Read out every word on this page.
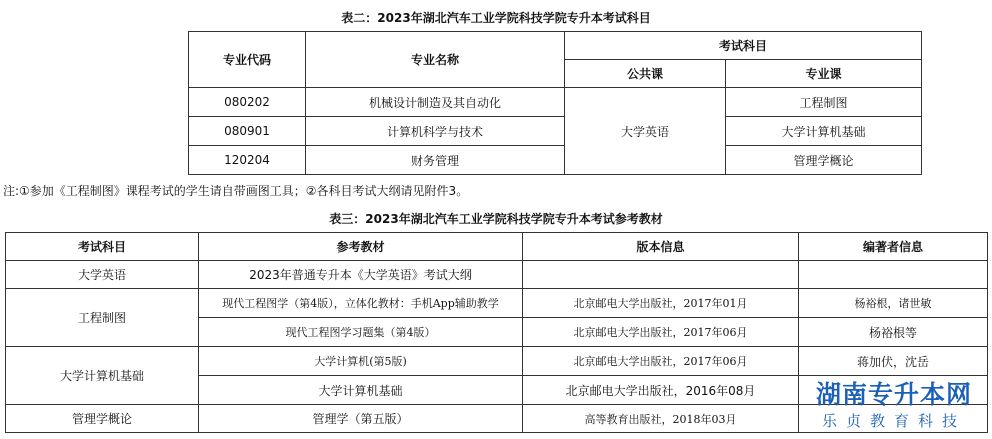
表二：2023年湖北汽车工业学院科技学院专升本考试科目
专业代码	专业名称	考试科目	
		公共课	专业课
080202	机械设计制造及其自动化	大学英语	工程制图
080901	计算机科学与技术		大学计算机基础
120204	财务管理		管理学概论
注:①参加《工程制图》课程考试的学生请自带画图工具；②各科目考试大纲请见附件3。
表三：2023年湖北汽车工业学院科技学院专升本考试参考教材
考试科目	参考教材	版本信息	编著者信息
大学英语	2023年普通专升本《大学英语》考试大纲		
工程制图	现代工程图学（第4版），立体化教材：手机App辅助教学	北京邮电大学出版社，2017年01月	杨裕根，诸世敏
	现代工程图学习题集（第4版）	北京邮电大学出版社，2017年06月	杨裕根等
大学计算机基础	大学计算机(第5版)	北京邮电大学出版社，2017年06月	蒋加伏，沈岳
	大学计算机基础	北京邮电大学出版社，2016年08月	
管理学概论	管理学（第五版）	高等教育出版社，2018年03月	
湖南专升本网
乐贞教育科技
